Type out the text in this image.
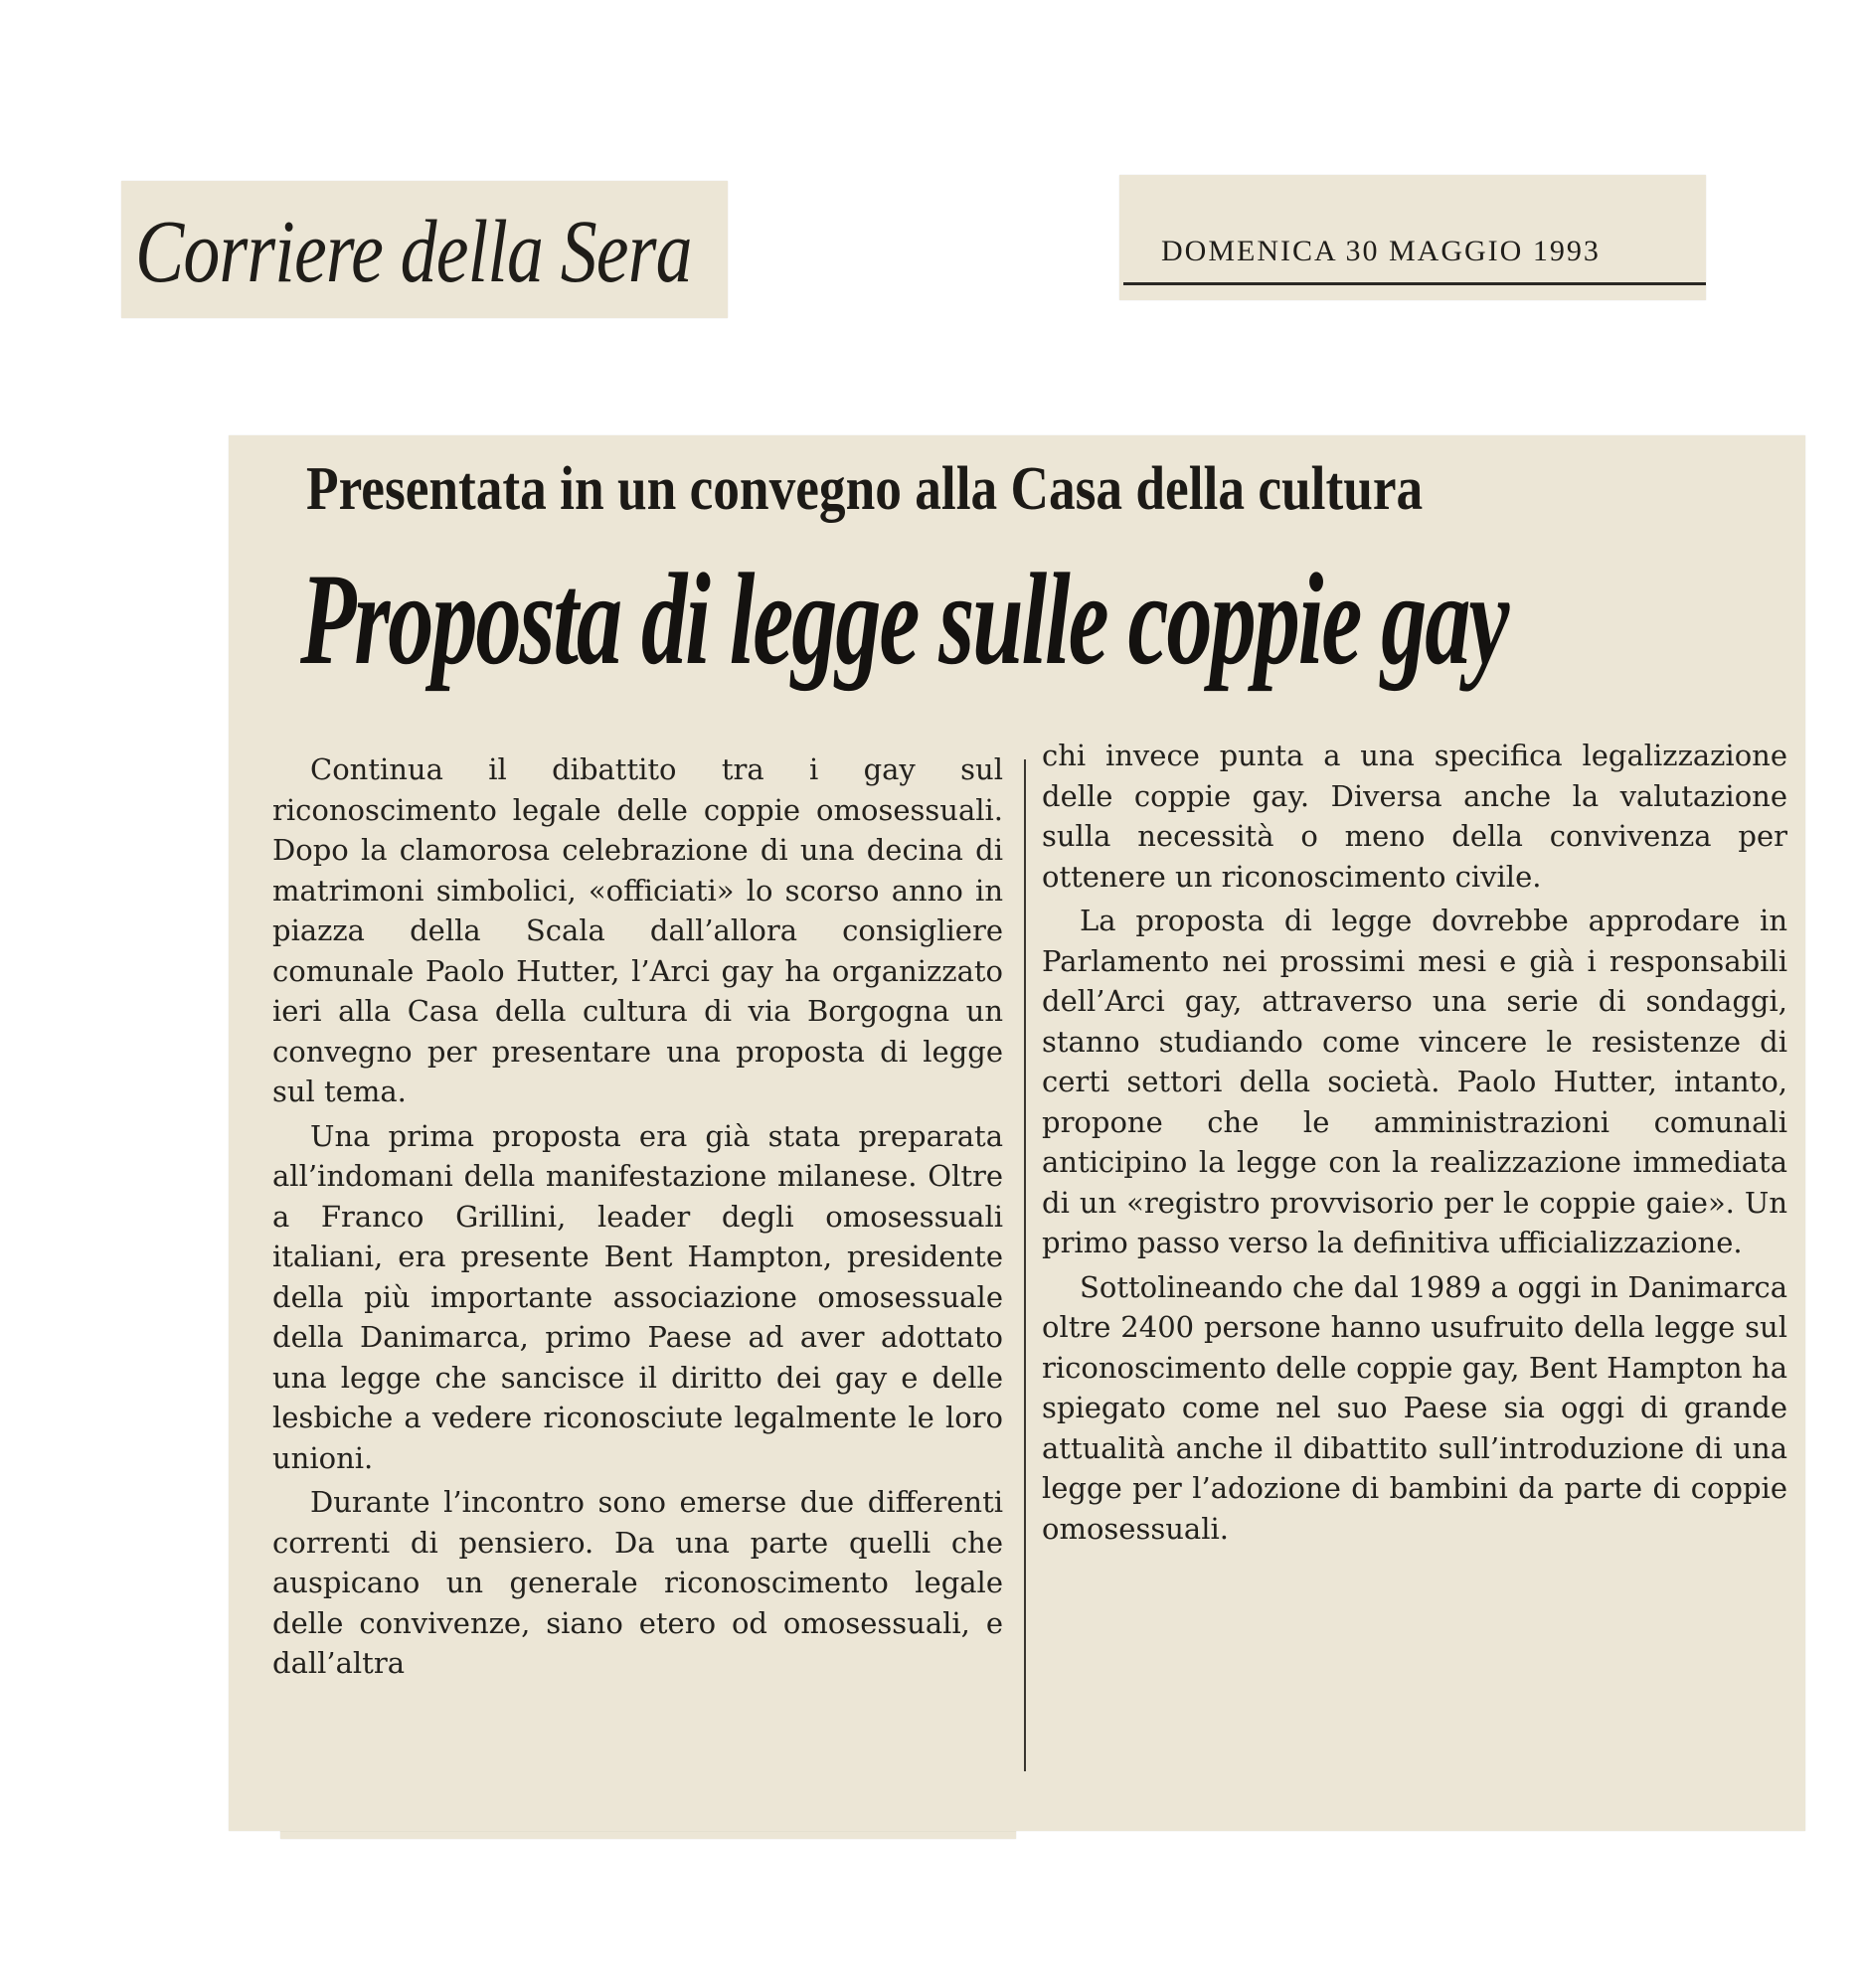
Corriere della Sera	DOMENICA 30 MAGGIO 1993
Presentata in un convegno alla Casa della cultura
Proposta di legge sulle coppie gay

Continua il dibattito tra i gay sul riconoscimento legale delle coppie omosessuali. Dopo la clamorosa celebrazione di una decina di matrimoni simbolici, «officiati» lo scorso anno in piazza della Scala dall’allora consigliere comunale Paolo Hutter, l’Arci gay ha organizzato ieri alla Casa della cultura di via Borgogna un convegno per presentare una proposta di legge sul tema.

Una prima proposta era già stata preparata all’indomani della manifestazione milanese. Oltre a Franco Grillini, leader degli omosessuali italiani, era presente Bent Hampton, presidente della più importante associazione omosessuale della Danimarca, primo Paese ad aver adottato una legge che sancisce il diritto dei gay e delle lesbiche a vedere riconosciute legalmente le loro unioni.

Durante l’incontro sono emerse due differenti correnti di pensiero. Da una parte quelli che auspicano un generale riconoscimento legale delle convivenze, siano etero od omosessuali, e dall’altra

chi invece punta a una specifica legalizzazione delle coppie gay. Diversa anche la valutazione sulla necessità o meno della convivenza per ottenere un riconoscimento civile.

La proposta di legge dovrebbe approdare in Parlamento nei prossimi mesi e già i responsabili dell’Arci gay, attraverso una serie di sondaggi, stanno studiando come vincere le resistenze di certi settori della società. Paolo Hutter, intanto, propone che le amministrazioni comunali anticipino la legge con la realizzazione immediata di un «registro provvisorio per le coppie gaie». Un primo passo verso la definitiva ufficializzazione.

Sottolineando che dal 1989 a oggi in Danimarca oltre 2400 persone hanno usufruito della legge sul riconoscimento delle coppie gay, Bent Hampton ha spiegato come nel suo Paese sia oggi di grande attualità anche il dibattito sull’introduzione di una legge per l’adozione di bambini da parte di coppie omosessuali.
